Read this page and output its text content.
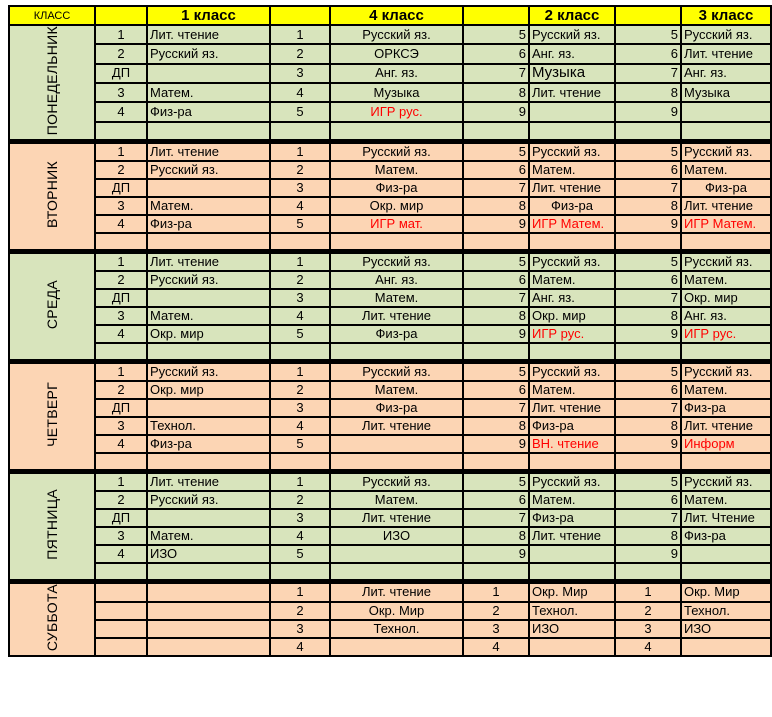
КЛАСС		1 класс		4 класс		2 класс		3 класс
ПОНЕДЕЛЬНИК	1	Лит. чтение	1	Русский яз.	5	Русский яз.	5	Русский яз.
	2	Русский яз.	2	ОРКСЭ	6	Анг. яз.	6	Лит. чтение
	ДП		3	Анг. яз.	7	Музыка	7	Анг. яз.
	3	Матем.	4	Музыка	8	Лит. чтение	8	Музыка
	4	Физ-ра	5	ИГР рус.	9		9	

ВТОРНИК	1	Лит. чтение	1	Русский яз.	5	Русский яз.	5	Русский яз.
	2	Русский яз.	2	Матем.	6	Матем.	6	Матем.
	ДП		3	Физ-ра	7	Лит. чтение	7	Физ-ра
	3	Матем.	4	Окр. мир	8	Физ-ра	8	Лит. чтение
	4	Физ-ра	5	ИГР мат.	9	ИГР Матем.	9	ИГР Матем.

СРЕДА	1	Лит. чтение	1	Русский яз.	5	Русский яз.	5	Русский яз.
	2	Русский яз.	2	Анг. яз.	6	Матем.	6	Матем.
	ДП		3	Матем.	7	Анг. яз.	7	Окр. мир
	3	Матем.	4	Лит. чтение	8	Окр. мир	8	Анг. яз.
	4	Окр. мир	5	Физ-ра	9	ИГР рус.	9	ИГР рус.

ЧЕТВЕРГ	1	Русский яз.	1	Русский яз.	5	Русский яз.	5	Русский яз.
	2	Окр. мир	2	Матем.	6	Матем.	6	Матем.
	ДП		3	Физ-ра	7	Лит. чтение	7	Физ-ра
	3	Технол.	4	Лит. чтение	8	Физ-ра	8	Лит. чтение
	4	Физ-ра	5		9	ВН. чтение	9	Информ

ПЯТНИЦА	1	Лит. чтение	1	Русский яз.	5	Русский яз.	5	Русский яз.
	2	Русский яз.	2	Матем.	6	Матем.	6	Матем.
	ДП		3	Лит. чтение	7	Физ-ра	7	Лит. Чтение
	3	Матем.	4	ИЗО	8	Лит. чтение	8	Физ-ра
	4	ИЗО	5		9		9	

СУББОТА			1	Лит. чтение	1	Окр. Мир	1	Окр. Мир
			2	Окр. Мир	2	Технол.	2	Технол.
			3	Технол.	3	ИЗО	3	ИЗО
			4		4		4	
